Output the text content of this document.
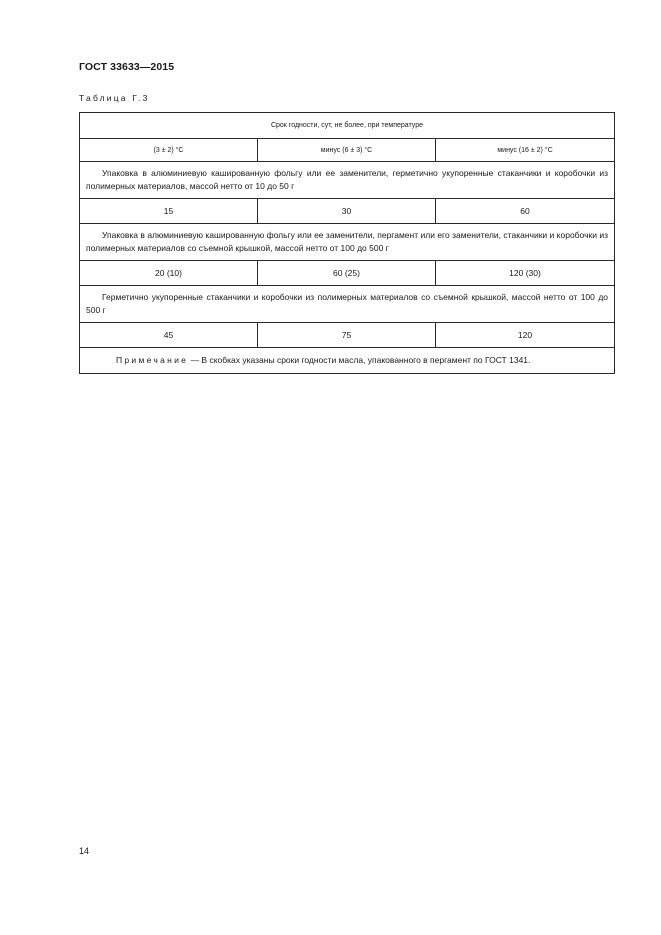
ГОСТ 33633—2015
Таблица Г.3
Срок годности, сут, не более, при температуре		
(3 ± 2) °С	минус (6 ± 3) °С	минус (16 ± 2) °С
Упаковка в алюминиевую кашированную фольгу или ее заменители, герметично укупоренные стаканчики и коробочки из полимерных материалов, массой нетто от 10 до 50 г		
15	30	60
Упаковка в алюминиевую кашированную фольгу или ее заменители, пергамент или его заменители, стаканчики и коробочки из полимерных материалов со съемной крышкой, массой нетто от 100 до 500 г		
20 (10)	60 (25)	120 (30)
Герметично укупоренные стаканчики и коробочки из полимерных материалов со съемной крышкой, массой нетто от 100 до 500 г		
45	75	120
Примечание — В скобках указаны сроки годности масла, упакованного в пергамент по ГОСТ 1341.		
14
